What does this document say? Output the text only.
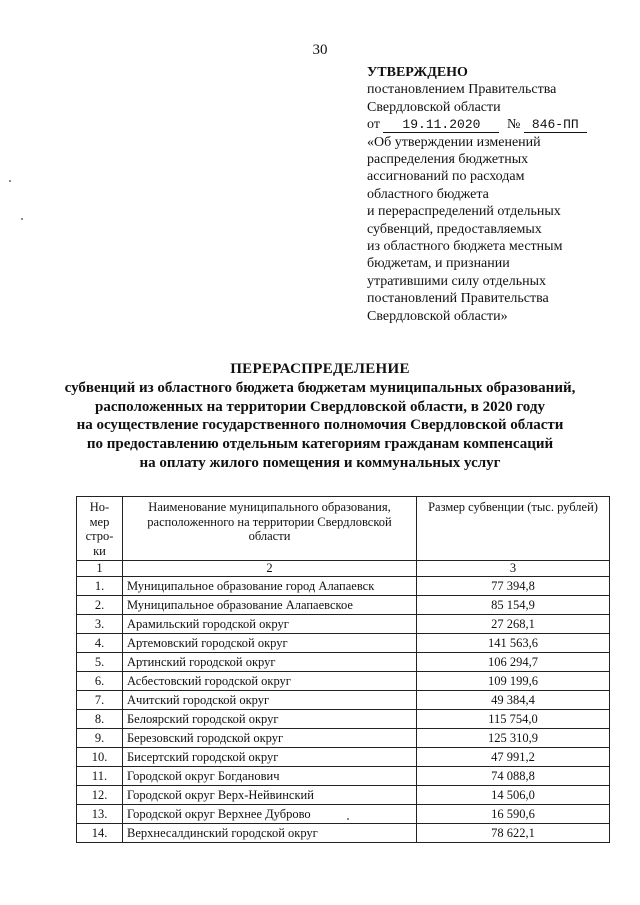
30
УТВЕРЖДЕНО
постановлением Правительства
Свердловской области
от 19.11.2020 № 846-ПП
«Об утверждении изменений
распределения бюджетных
ассигнований по расходам
областного бюджета
и перераспределений отдельных
субвенций, предоставляемых
из областного бюджета местным
бюджетам, и признании
утратившими силу отдельных
постановлений Правительства
Свердловской области»
ПЕРЕРАСПРЕДЕЛЕНИЕ
субвенций из областного бюджета бюджетам муниципальных образований,
расположенных на территории Свердловской области, в 2020 году
на осуществление государственного полномочия Свердловской области
по предоставлению отдельным категориям гражданам компенсаций
на оплату жилого помещения и коммунальных услуг
Но-мер стро-ки	Наименование муниципального образования, расположенного на территории Свердловской области	Размер субвенции (тыс. рублей)
1	2	3
1.	Муниципальное образование город Алапаевск	77 394,8
2.	Муниципальное образование Алапаевское	85 154,9
3.	Арамильский городской округ	27 268,1
4.	Артемовский городской округ	141 563,6
5.	Артинский городской округ	106 294,7
6.	Асбестовский городской округ	109 199,6
7.	Ачитский городской округ	49 384,4
8.	Белоярский городской округ	115 754,0
9.	Березовский городской округ	125 310,9
10.	Бисертский городской округ	47 991,2
11.	Городской округ Богданович	74 088,8
12.	Городской округ Верх-Нейвинский	14 506,0
13.	Городской округ Верхнее Дуброво	16 590,6
14.	Верхнесалдинский городской округ	78 622,1
